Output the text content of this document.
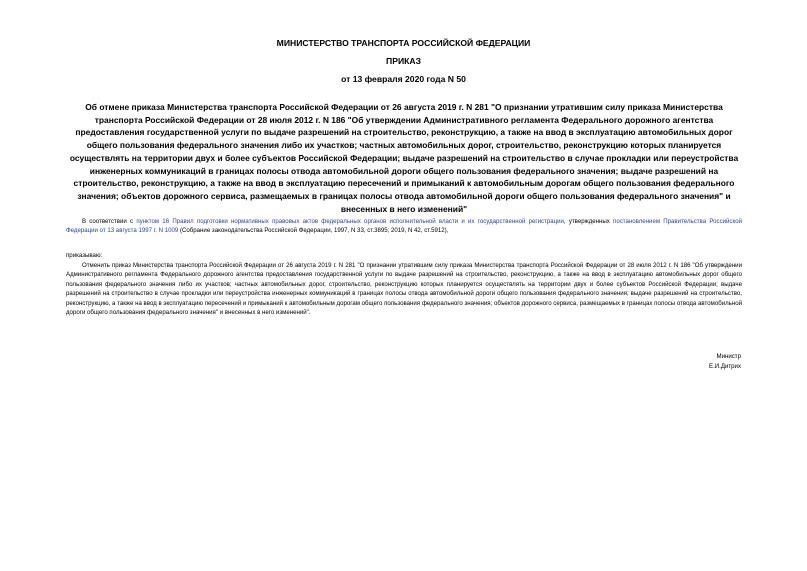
МИНИСТЕРСТВО ТРАНСПОРТА РОССИЙСКОЙ ФЕДЕРАЦИИ
ПРИКАЗ
от 13 февраля 2020 года N 50
Об отмене приказа Министерства транспорта Российской Федерации от 26 августа 2019 г. N 281 "О признании утратившим силу приказа Министерства транспорта Российской Федерации от 28 июля 2012 г. N 186 "Об утверждении Административного регламента Федерального дорожного агентства предоставления государственной услуги по выдаче разрешений на строительство, реконструкцию, а также на ввод в эксплуатацию автомобильных дорог общего пользования федерального значения либо их участков; частных автомобильных дорог, строительство, реконструкцию которых планируется осуществлять на территории двух и более субъектов Российской Федерации; выдаче разрешений на строительство в случае прокладки или переустройства инженерных коммуникаций в границах полосы отвода автомобильной дороги общего пользования федерального значения; выдаче разрешений на строительство, реконструкцию, а также на ввод в эксплуатацию пересечений и примыканий к автомобильным дорогам общего пользования федерального значения; объектов дорожного сервиса, размещаемых в границах полосы отвода автомобильной дороги общего пользования федерального значения" и внесенных в него изменений"
В соответствии с пунктом 16 Правил подготовки нормативных правовых актов федеральных органов исполнительной власти и их государственной регистрации, утвержденных постановлением Правительства Российской Федерации от 13 августа 1997 г. N 1009 (Собрание законодательства Российской Федерации, 1997, N 33, ст.3895; 2019, N 42, ст.5912),
приказываю:
Отменить приказ Министерства транспорта Российской Федерации от 26 августа 2019 г. N 281 "О признании утратившим силу приказа Министерства транспорта Российской Федерации от 28 июля 2012 г. N 186 "Об утверждении Административного регламента Федерального дорожного агентства предоставления государственной услуги по выдаче разрешений на строительство, реконструкцию, а также на ввод в эксплуатацию автомобильных дорог общего пользования федерального значения либо их участков; частных автомобильных дорог, строительство, реконструкцию которых планируется осуществлять на территории двух и более субъектов Российской Федерации; выдаче разрешений на строительство в случае прокладки или переустройства инженерных коммуникаций в границах полосы отвода автомобильной дороги общего пользования федерального значения; выдаче разрешений на строительство, реконструкцию, а также на ввод в эксплуатацию пересечений и примыканий к автомобильным дорогам общего пользования федерального значения; объектов дорожного сервиса, размещаемых в границах полосы отвода автомобильной дороги общего пользования федерального значения" и внесенных в него изменений".
Министр
Е.И.Дитрих
